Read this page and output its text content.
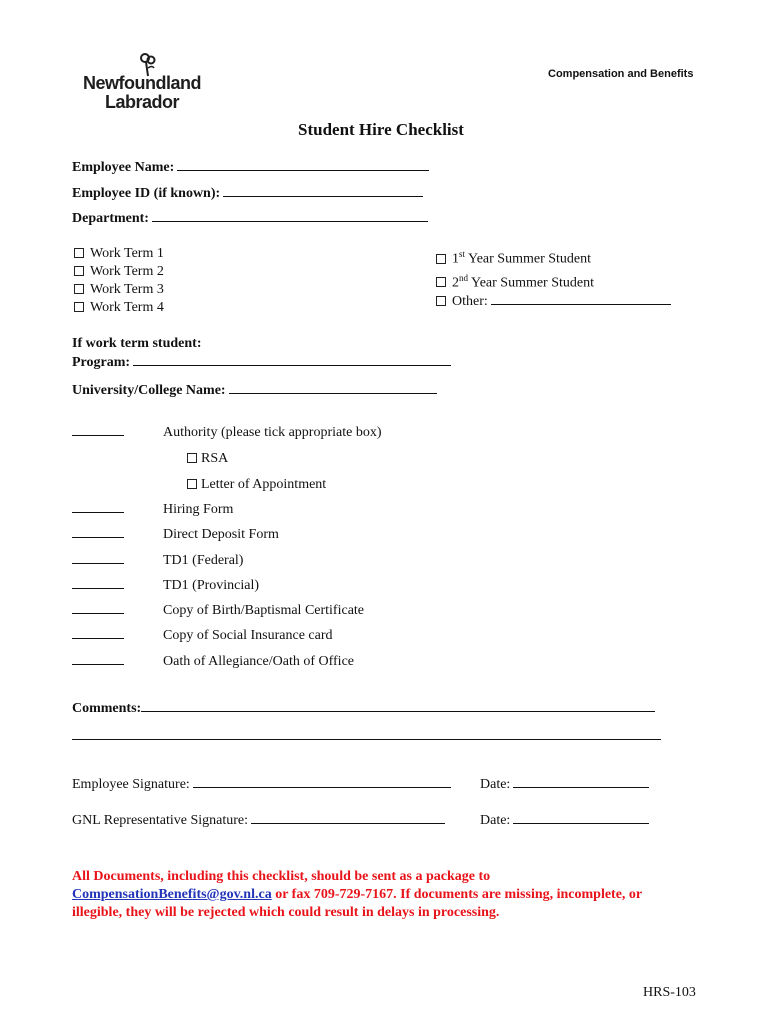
Newfoundland
Labrador
Compensation and Benefits
Student Hire Checklist
Employee Name:
Employee ID (if known):
Department:
Work Term 1
Work Term 2
Work Term 3
Work Term 4
1st Year Summer Student
2nd Year Summer Student
Other:
If work term student:
Program:
University/College Name:
Authority (please tick appropriate box)
RSA
Letter of Appointment
Hiring Form
Direct Deposit Form
TD1 (Federal)
TD1 (Provincial)
Copy of Birth/Baptismal Certificate
Copy of Social Insurance card
Oath of Allegiance/Oath of Office
Comments:
Employee Signature:	Date:
GNL Representative Signature:	Date:
All Documents, including this checklist, should be sent as a package to
CompensationBenefits@gov.nl.ca or fax 709-729-7167. If documents are missing, incomplete, or
illegible, they will be rejected which could result in delays in processing.
HRS-103
